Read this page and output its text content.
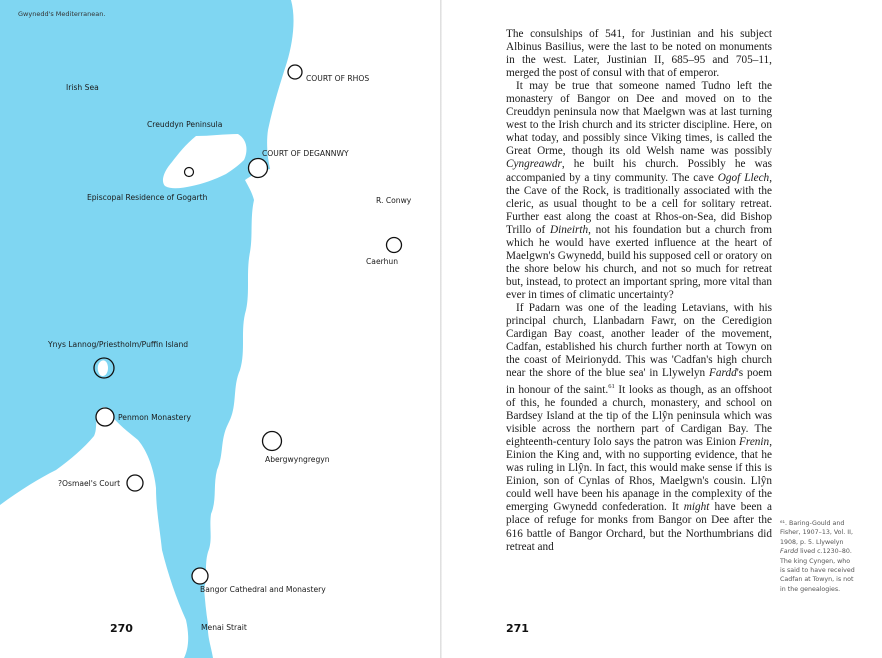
Gwynedd's Mediterranean.
COURT OF RHOS
Irish Sea
Creuddyn Peninsula
COURT OF DEGANNWY
Episcopal Residence of Gogarth	R. Conwy
Caerhun
Ynys Lannog/Priestholm/Puffin Island
Penmon Monastery
Abergwyngregyn
?Osmael's Court
Bangor Cathedral and Monastery
Menai Strait
270

The consulships of 541, for Justinian and his subject Albinus Basilius, were the last to be noted on monuments in the west. Later, Justinian II, 685–95 and 705–11, merged the post of consul with that of emperor.

It may be true that someone named Tudno left the monastery of Bangor on Dee and moved on to the Creuddyn peninsula now that Maelgwn was at last turning west to the Irish church and its stricter discipline. Here, on what today, and possibly since Viking times, is called the Great Orme, though its old Welsh name was possibly Cyngreawdr, he built his church. Possibly he was accompanied by a tiny community. The cave Ogof Llech, the Cave of the Rock, is traditionally associated with the cleric, as usual thought to be a cell for solitary retreat. Further east along the coast at Rhos-on-Sea, did Bishop Trillo of Dineirth, not his foundation but a church from which he would have exerted influence at the heart of Maelgwn's Gwynedd, build his supposed cell or oratory on the shore below his church, and not so much for retreat but, instead, to protect an important spring, more vital than ever in times of climatic uncertainty?

If Padarn was one of the leading Letavians, with his principal church, Llanbadarn Fawr, on the Ceredigion Cardigan Bay coast, another leader of the movement, Cadfan, established his church further north at Towyn on the coast of Meirionydd. This was 'Cadfan's high church near the shore of the blue sea' in Llywelyn Fardd's poem in honour of the saint.$^{61}$ It looks as though, as an offshoot of this, he founded a church, monastery, and school on Bardsey Island at the tip of the Llŷn peninsula which was visible across the northern part of Cardigan Bay. The eighteenth-century Iolo says the patron was Einion Frenin, Einion the King and, with no supporting evidence, that he was ruling in Llŷn. In fact, this would make sense if this is Einion, son of Cynlas of Rhos, Maelgwn's cousin. Llŷn could well have been his apanage in the complexity of the emerging Gwynedd confederation. It might have been a place of refuge for monks from Bangor on Dee after the 616 battle of Bangor Orchard, but the Northumbrians did retreat and

⁶¹. Baring-Gould and Fisher, 1907–13, Vol. II, 1908, p. 5. Llywelyn Fardd lived c.1230–80. The king Cyngen, who is said to have received Cadfan at Towyn, is not in the genealogies.
271
